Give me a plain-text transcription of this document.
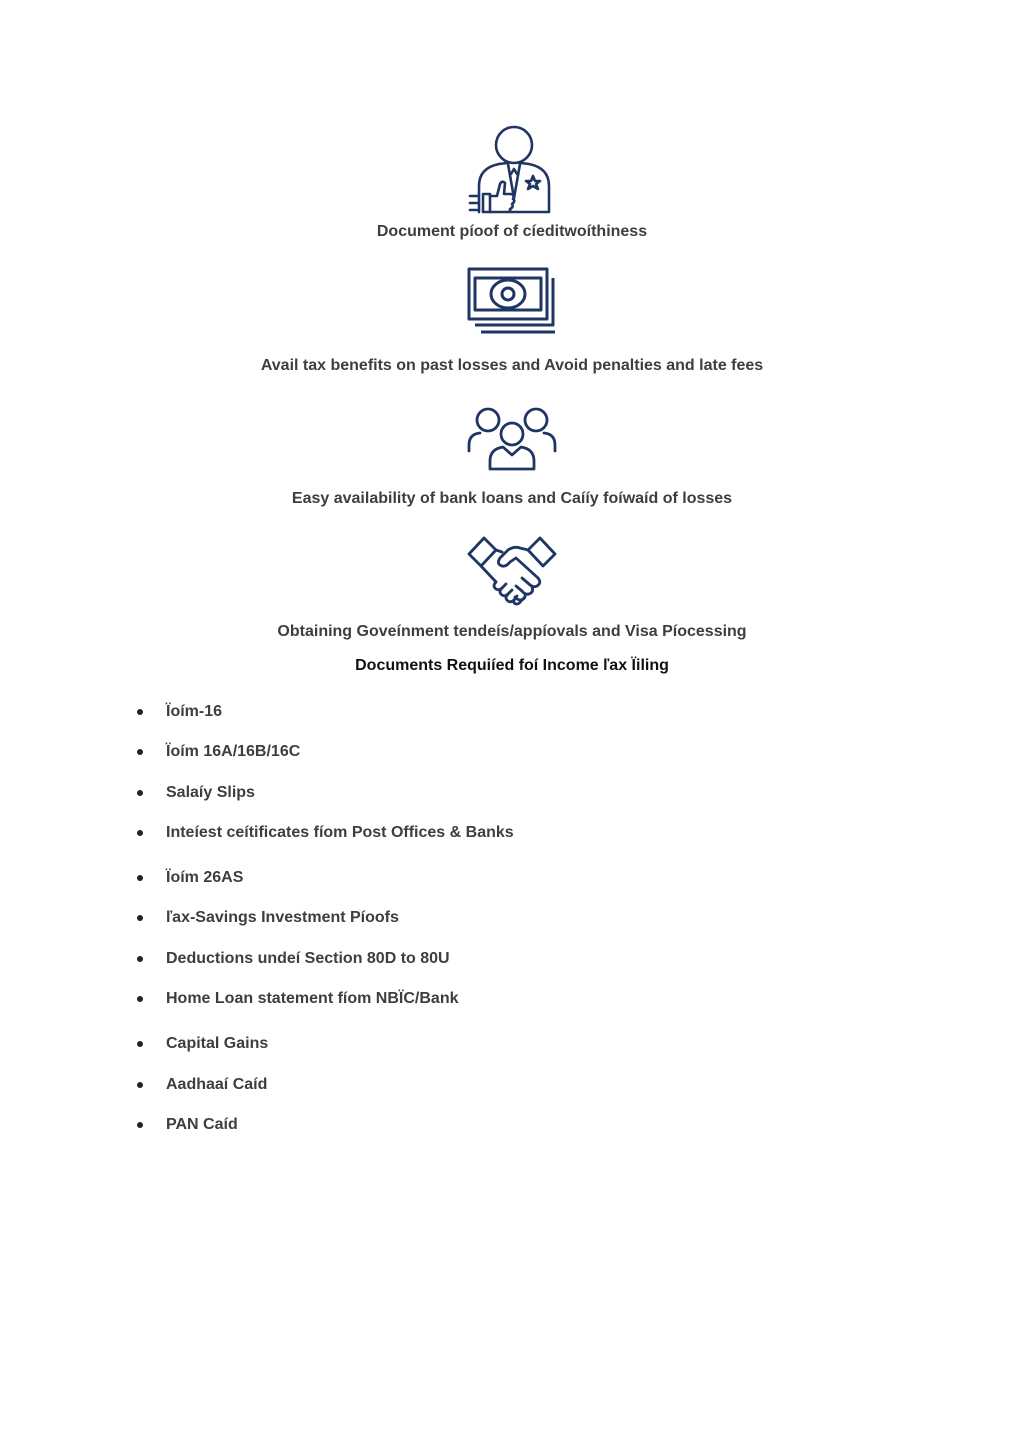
Document píoof of cíeditwoíthiness
Avail tax benefits on past losses and Avoid penalties and late fees
Easy availability of bank loans and Caííy foíwaíd of losses
Obtaining Goveínment tendeís/appíovals and Visa Píocessing
Documents Requiíed foí Income ľax Ïiling
Ïoím-16
Ïoím 16A/16B/16C
Salaíy Slips
Inteíest ceítificates fíom Post Offices & Banks
Ïoím 26AS
ľax-Savings Investment Píoofs
Deductions undeí Section 80D to 80U
Home Loan statement fíom NBÏC/Bank
Capital Gains
Aadhaaí Caíd
PAN Caíd
